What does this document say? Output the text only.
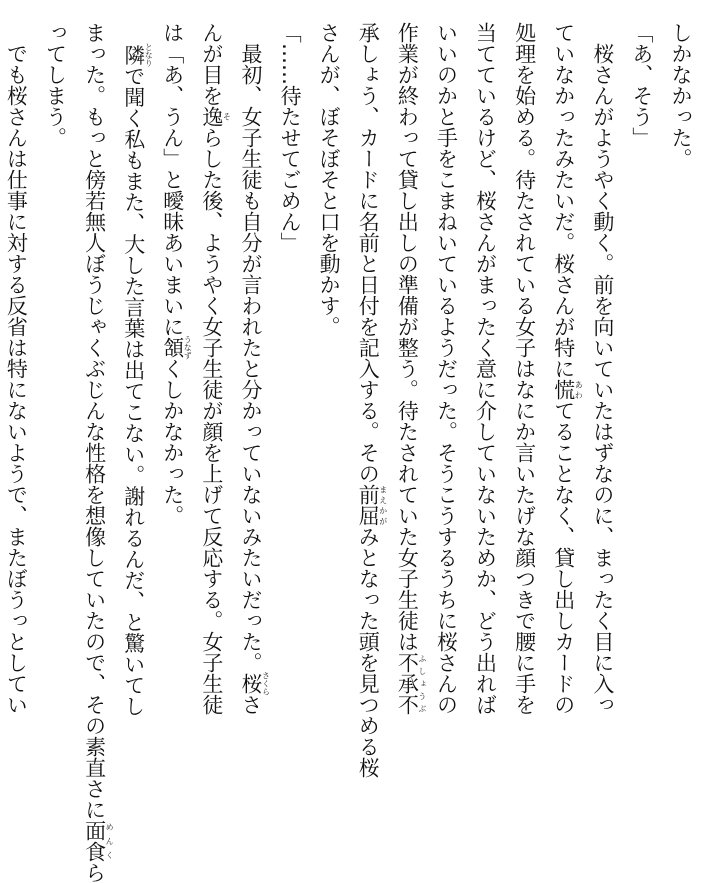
しかなかった。

「あ、そう」

桜さんがようやく動く。前を向いていたはずなのに、まったく目に入っ

ていなかったみたいだ。桜さんが特に慌あわてることなく、貸し出しカードの

処理を始める。待たされている女子はなにか言いたげな顔つきで腰に手を

当てているけど、桜さんがまったく意に介していないためか、どう出れば

いいのかと手をこまねいているようだった。そうこうするうちに桜さんの

作業が終わって貸し出しの準備が整う。待たされていた女子生徒は不承不ふしょうぶ

承しょう、カードに名前と日付を記入する。その前屈まえかがみとなった頭を見つめる桜

さんが、ぼそぼそと口を動かす。

「……待たせてごめん」

最初、女子生徒も自分が言われたと分かっていないみたいだった。桜さくらさ

んが目を逸そらした後、ようやく女子生徒が顔を上げて反応する。女子生徒

は「あ、うん」と曖昧あいまいに頷うなずくしかなかった。

隣となりで聞く私もまた、大した言葉は出てこない。謝れるんだ、と驚いてし

まった。もっと傍若無人ぼうじゃくぶじんな性格を想像していたので、その素直さに面食めんくら

ってしまう。

でも桜さんは仕事に対する反省は特にないようで、またぼうっとしてい
